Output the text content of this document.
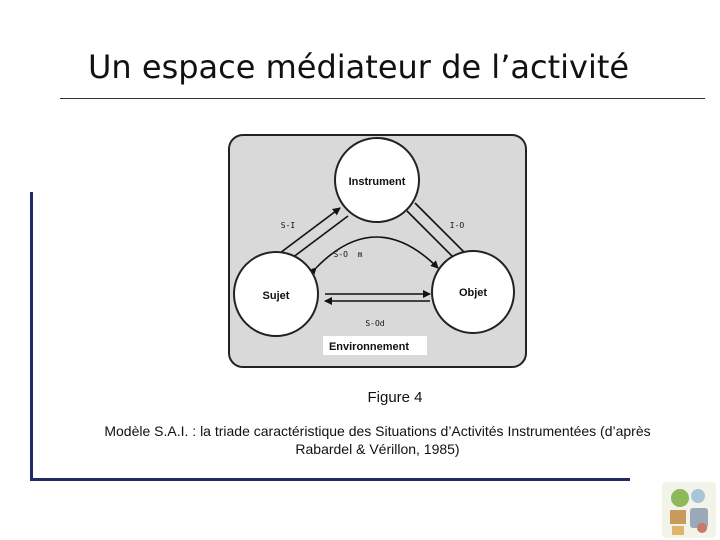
Un espace médiateur de l’activité
Instrument
Sujet	Objet
S-I	I-O
S-O  m
S-Od
Environnement
Figure 4
Modèle S.A.I. : la triade caractéristique des Situations d’Activités Instrumentées (d’après
Rabardel & Vérillon, 1985)
